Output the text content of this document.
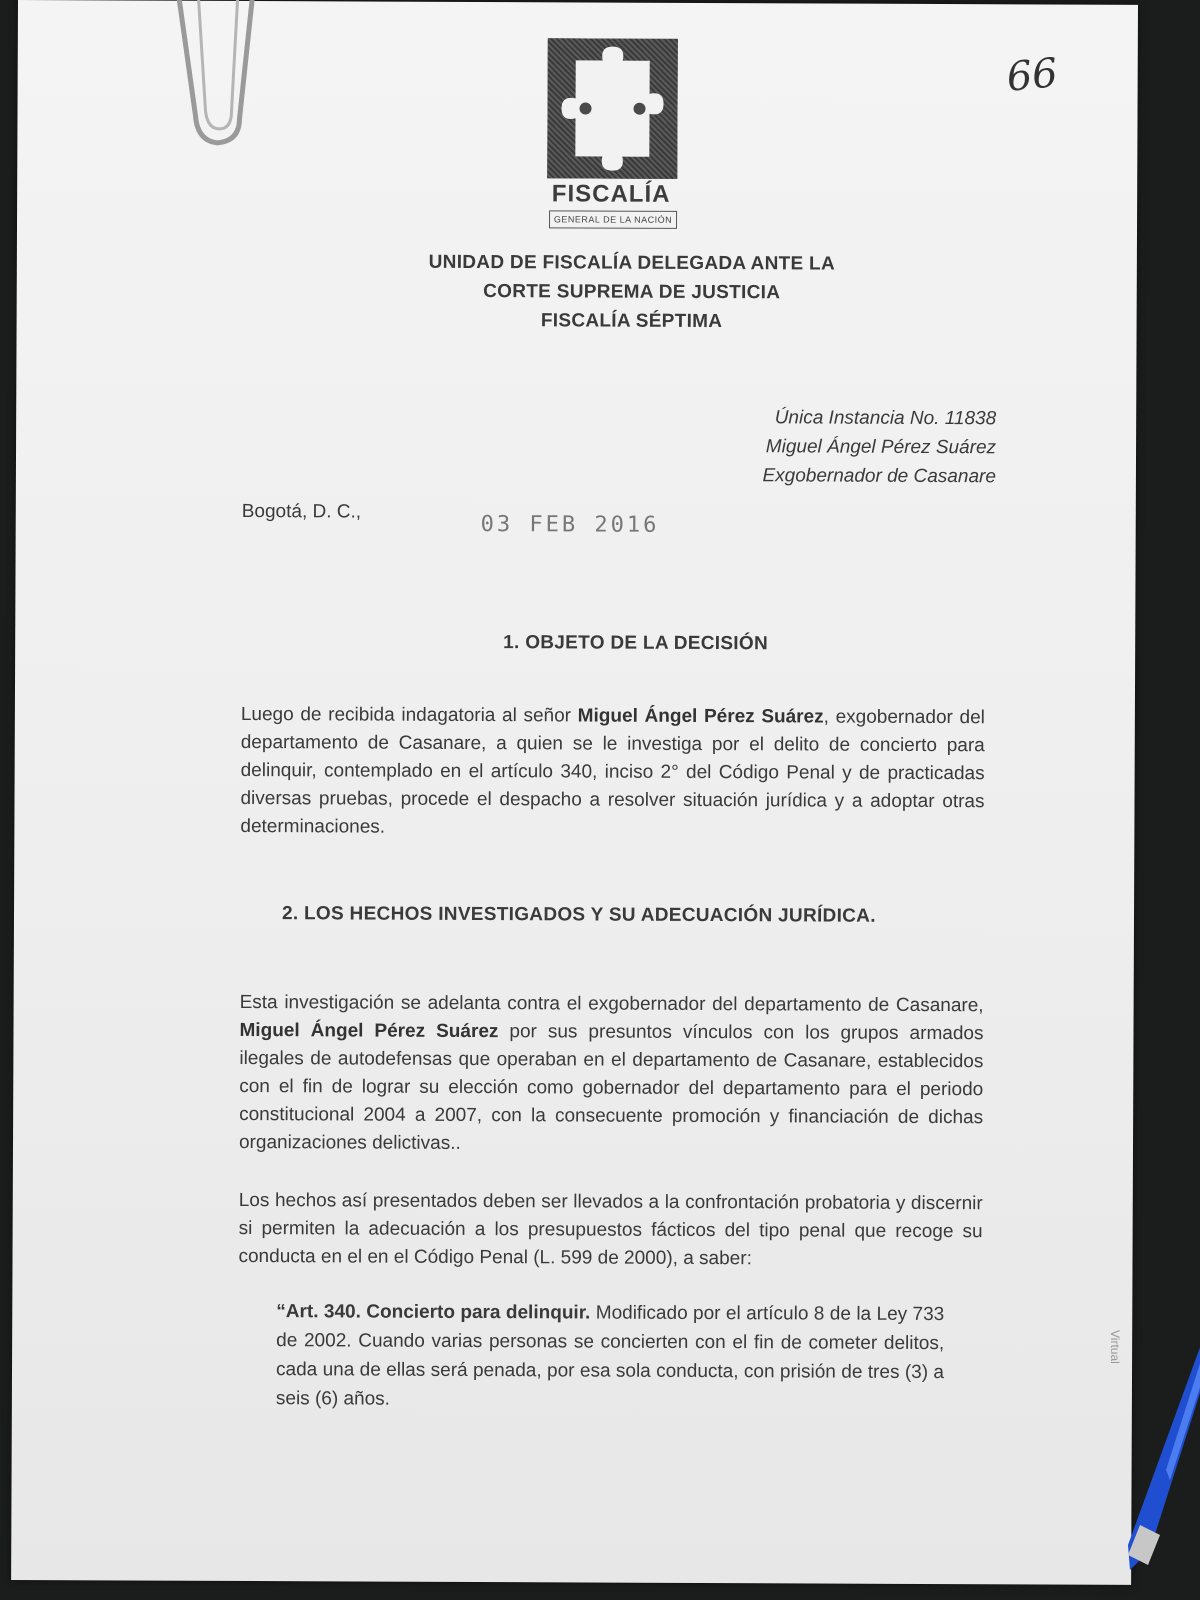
FISCALÍA
GENERAL DE LA NACIÓN
66
UNIDAD DE FISCALÍA DELEGADA ANTE LA
CORTE SUPREMA DE JUSTICIA
FISCALÍA SÉPTIMA
Única Instancia No. 11838
Miguel Ángel Pérez Suárez
Exgobernador de Casanare
Bogotá, D. C.,
03 FEB 2016
1. OBJETO DE LA DECISIÓN
Luego de recibida indagatoria al señor Miguel Ángel Pérez Suárez, exgobernador del departamento de Casanare, a quien se le investiga por el delito de concierto para delinquir, contemplado en el artículo 340, inciso 2° del Código Penal y de practicadas diversas pruebas, procede el despacho a resolver situación jurídica y a adoptar otras determinaciones.
2. LOS HECHOS INVESTIGADOS Y SU ADECUACIÓN JURÍDICA.
Esta investigación se adelanta contra el exgobernador del departamento de Casanare, Miguel Ángel Pérez Suárez por sus presuntos vínculos con los grupos armados ilegales de autodefensas que operaban en el departamento de Casanare, establecidos con el fin de lograr su elección como gobernador del departamento para el periodo constitucional 2004 a 2007, con la consecuente promoción y financiación de dichas organizaciones delictivas..
Los hechos así presentados deben ser llevados a la confrontación probatoria y discernir si permiten la adecuación a los presupuestos fácticos del tipo penal que recoge su conducta en el en el Código Penal (L. 599 de 2000), a saber:
“Art. 340. Concierto para delinquir. Modificado por el artículo 8 de la Ley 733 de 2002. Cuando varias personas se concierten con el fin de cometer delitos, cada una de ellas será penada, por esa sola conducta, con prisión de tres (3) a seis (6) años.
Virtual
